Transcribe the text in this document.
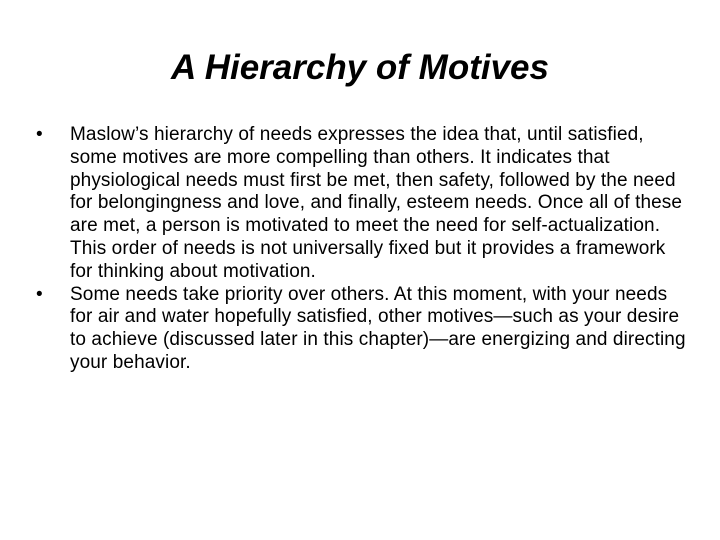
A Hierarchy of Motives
•	Maslow’s hierarchy of needs expresses the idea that, until satisfied, some motives are more compelling than others. It indicates that physiological needs must first be met, then safety, followed by the need for belongingness and love, and finally, esteem needs. Once all of these are met, a person is motivated to meet the need for self-actualization. This order of needs is not universally fixed but it provides a framework for thinking about motivation.
•	Some needs take priority over others. At this moment, with your needs for air and water hopefully satisfied, other motives—such as your desire to achieve (discussed later in this chapter)—are energizing and directing your behavior.
